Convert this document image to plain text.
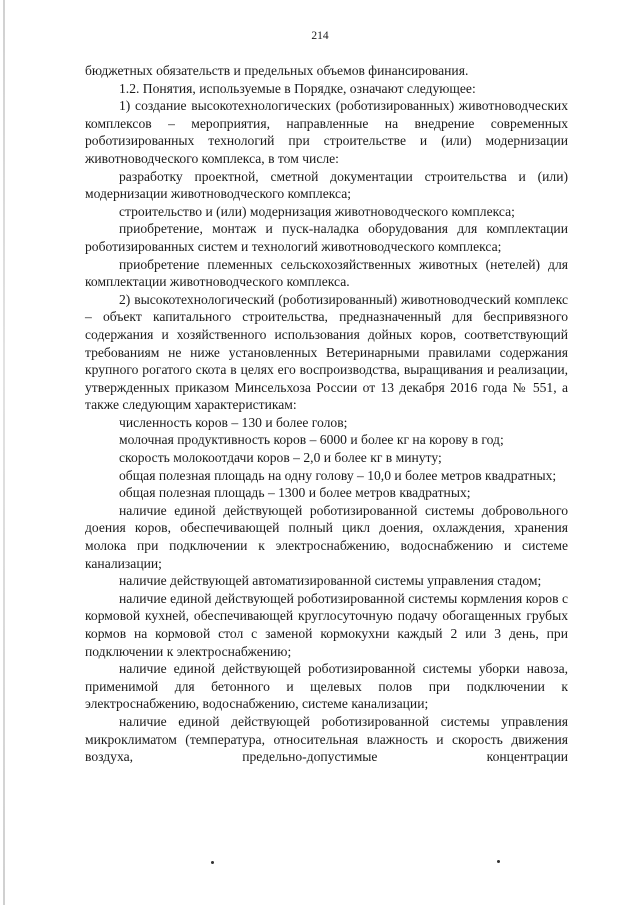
214

бюджетных обязательств и предельных объемов финансирования.

1.2. Понятия, используемые в Порядке, означают следующее:

1) создание высокотехнологических (роботизированных) животноводческих комплексов – мероприятия, направленные на внедрение современных роботизированных технологий при строительстве и (или) модернизации животноводческого комплекса, в том числе:

разработку проектной, сметной документации строительства и (или) модернизации животноводческого комплекса;

строительство и (или) модернизация животноводческого комплекса;

приобретение, монтаж и пуск-наладка оборудования для комплектации роботизированных систем и технологий животноводческого комплекса;

приобретение племенных сельскохозяйственных животных (нетелей) для комплектации животноводческого комплекса.

2) высокотехнологический (роботизированный) животноводческий комплекс – объект капитального строительства, предназначенный для беспривязного содержания и хозяйственного использования дойных коров, соответствующий требованиям не ниже установленных Ветеринарными правилами содержания крупного рогатого скота в целях его воспроизводства, выращивания и реализации, утвержденных приказом Минсельхоза России от 13 декабря 2016 года № 551, а также следующим характеристикам:

численность коров – 130 и более голов;

молочная продуктивность коров – 6000 и более кг на корову в год;

скорость молокоотдачи коров – 2,0 и более кг в минуту;

общая полезная площадь на одну голову – 10,0 и более метров квадратных;

общая полезная площадь – 1300 и более метров квадратных;

наличие единой действующей роботизированной системы добровольного доения коров, обеспечивающей полный цикл доения, охлаждения, хранения молока при подключении к электроснабжению, водоснабжению и системе канализации;

наличие действующей автоматизированной системы управления стадом;

наличие единой действующей роботизированной системы кормления коров с кормовой кухней, обеспечивающей круглосуточную подачу обогащенных грубых кормов на кормовой стол с заменой кормокухни каждый 2 или 3 день, при подключении к электроснабжению;

наличие единой действующей роботизированной системы уборки навоза, применимой для бетонного и щелевых полов при подключении к электроснабжению, водоснабжению, системе канализации;

наличие единой действующей роботизированной системы управления микроклиматом (температура, относительная влажность и скорость движения воздуха, предельно-допустимые концентрации
